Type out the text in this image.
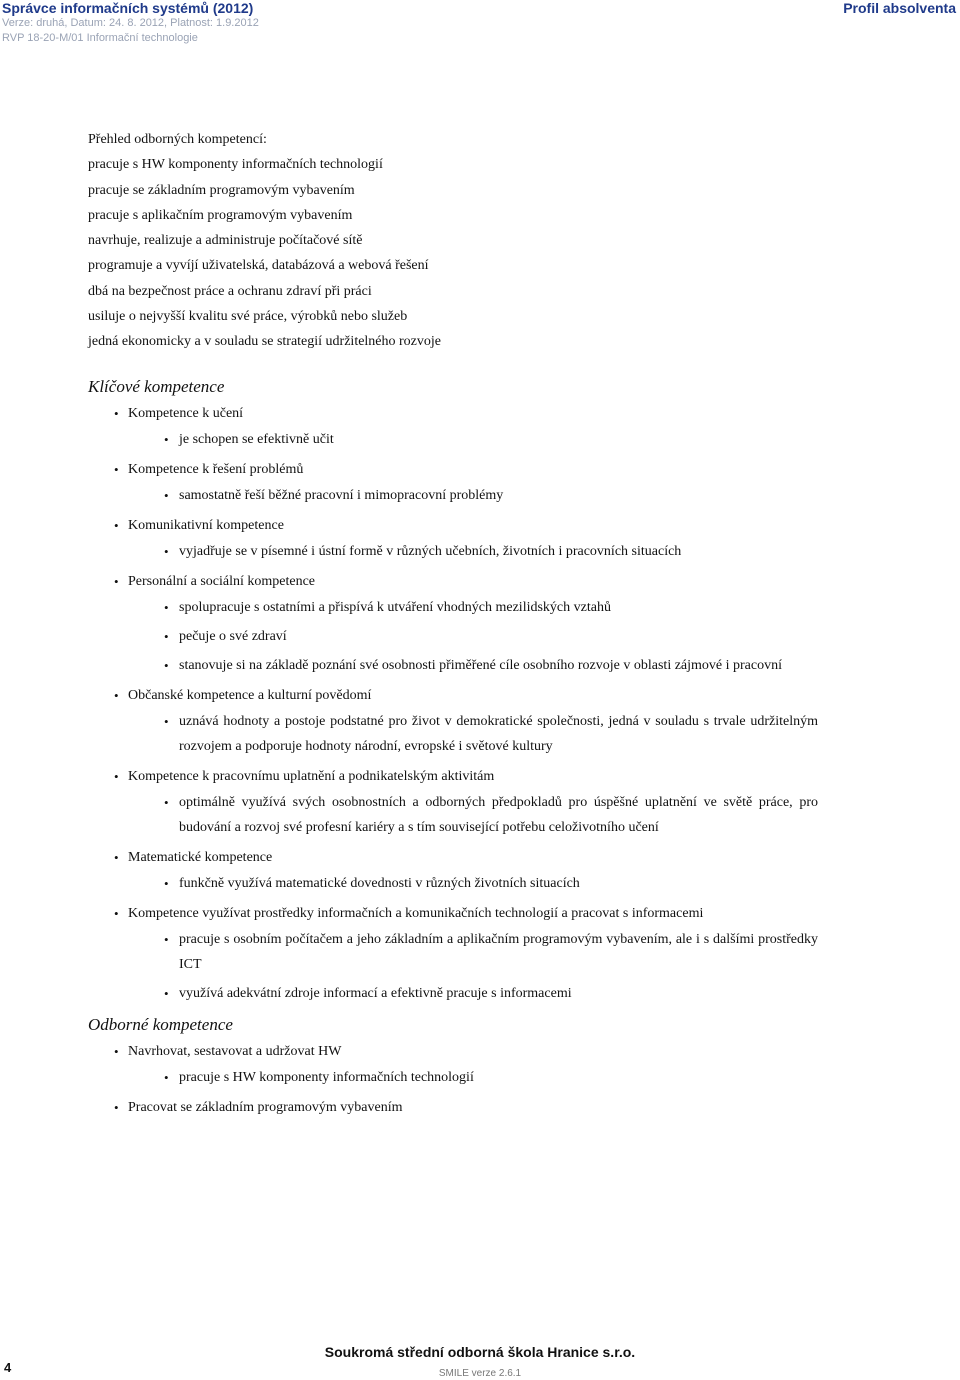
Správce informačních systémů (2012)
Verze: druhá, Datum: 24. 8. 2012, Platnost: 1.9.2012
RVP 18-20-M/01 Informační technologie
Profil absolventa
Přehled odborných kompetencí:
pracuje s HW komponenty informačních technologií
pracuje se základním programovým vybavením
pracuje s aplikačním programovým vybavením
navrhuje, realizuje a administruje počítačové sítě
programuje a vyvíjí uživatelská, databázová a webová řešení
dbá na bezpečnost práce a ochranu zdraví při práci
usiluje o nejvyšší kvalitu své práce, výrobků nebo služeb
jedná ekonomicky a v souladu se strategií udržitelného rozvoje
Klíčové kompetence
• Kompetence k učení
• je schopen se efektivně učit
• Kompetence k řešení problémů
• samostatně řeší běžné pracovní i mimopracovní problémy
• Komunikativní kompetence
• vyjadřuje se v písemné i ústní formě v různých učebních, životních i pracovních situacích
• Personální a sociální kompetence
• spolupracuje s ostatními a přispívá k utváření vhodných mezilidských vztahů
• pečuje o své zdraví
• stanovuje si na základě poznání své osobnosti přiměřené cíle osobního rozvoje v oblasti zájmové i pracovní
• Občanské kompetence a kulturní povědomí
• uznává hodnoty a postoje podstatné pro život v demokratické společnosti, jedná v souladu s trvale udržitelným rozvojem a podporuje hodnoty národní, evropské i světové kultury
• Kompetence k pracovnímu uplatnění a podnikatelským aktivitám
• optimálně využívá svých osobnostních a odborných předpokladů pro úspěšné uplatnění ve světě práce, pro budování a rozvoj své profesní kariéry a s tím související potřebu celoživotního učení
• Matematické kompetence
• funkčně využívá matematické dovednosti v různých životních situacích
• Kompetence využívat prostředky informačních a komunikačních technologií a pracovat s informacemi
• pracuje s osobním počítačem a jeho základním a aplikačním programovým vybavením, ale i s dalšími prostředky ICT
• využívá adekvátní zdroje informací a efektivně pracuje s informacemi
Odborné kompetence
• Navrhovat, sestavovat a udržovat HW
• pracuje s HW komponenty informačních technologií
• Pracovat se základním programovým vybavením
Soukromá střední odborná škola Hranice s.r.o.
SMILE verze 2.6.1
4
